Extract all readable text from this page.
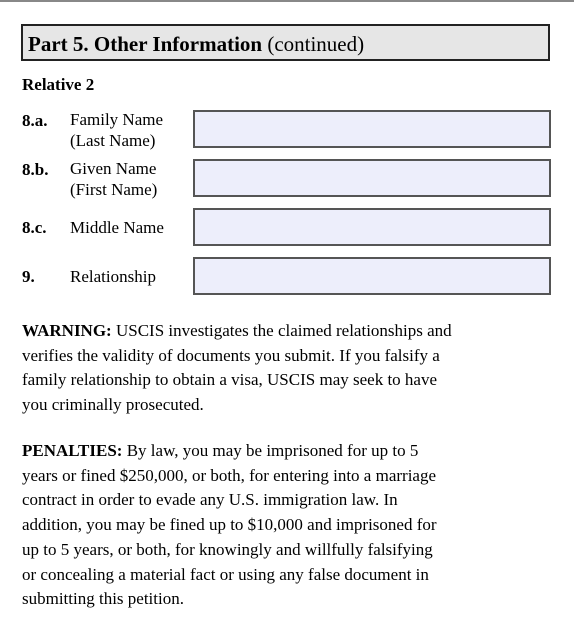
Part 5. Other Information (continued)
Relative 2
8.a. Family Name
(Last Name)
8.b. Given Name
(First Name)
8.c. Middle Name
9. Relationship

WARNING: USCIS investigates the claimed relationships and
verifies the validity of documents you submit. If you falsify a
family relationship to obtain a visa, USCIS may seek to have
you criminally prosecuted.

PENALTIES: By law, you may be imprisoned for up to 5
years or fined $250,000, or both, for entering into a marriage
contract in order to evade any U.S. immigration law. In
addition, you may be fined up to $10,000 and imprisoned for
up to 5 years, or both, for knowingly and willfully falsifying
or concealing a material fact or using any false document in
submitting this petition.
